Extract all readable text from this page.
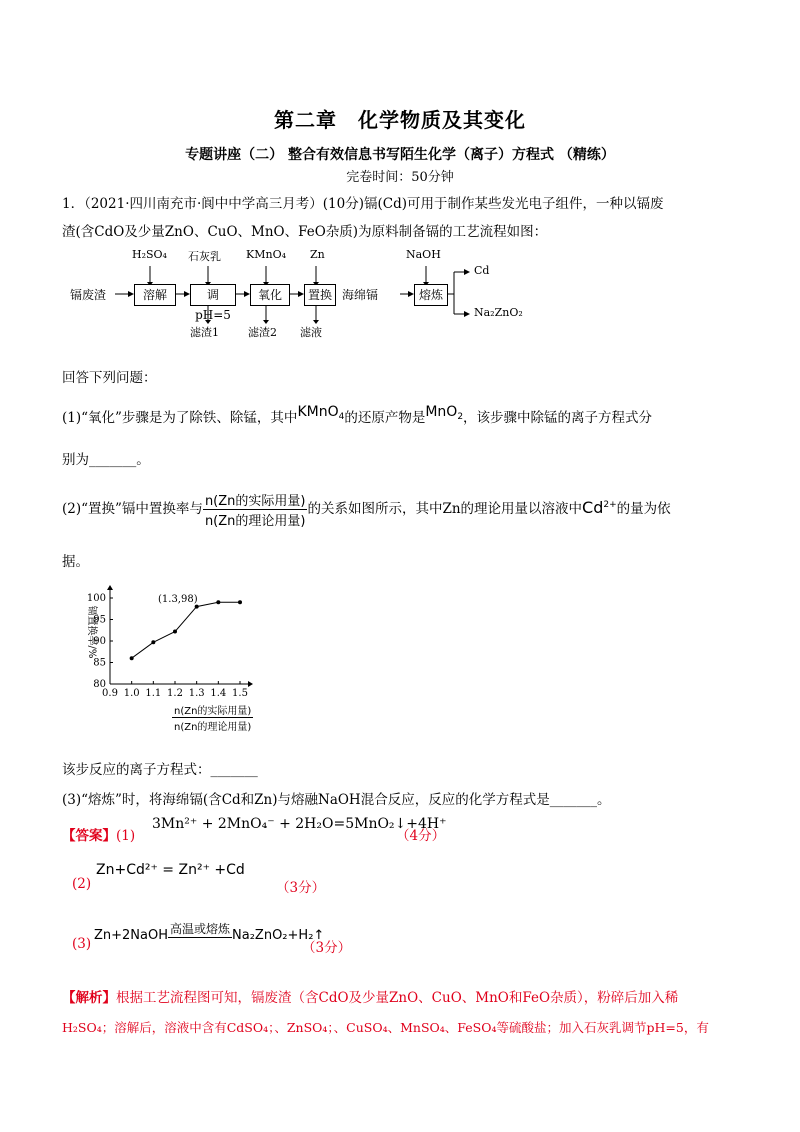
第二章　化学物质及其变化
专题讲座（二） 整合有效信息书写陌生化学（离子）方程式 （精练）
完卷时间：50分钟
1．（2021·四川南充市·阆中中学高三月考）(10分)镉(Cd)可用于制作某些发光电子组件，一种以镉废
渣(含CdO及少量ZnO、CuO、MnO、FeO杂质)为原料制备镉的工艺流程如图：
镉废渣	溶解	调pH=5
氧化	置换 海绵镉	熔炼
H₂SO₄ 石灰乳 KMnO₄ Zn	NaOH
滤渣1	滤渣2 滤液
Cd
Na₂ZnO₂
回答下列问题：
(1)“氧化”步骤是为了除铁、除锰，其中KMnO$_4$的还原产物是MnO$_2$，该步骤中除锰的离子方程式分
别为_______。
(2)“置换”镉中置换率与 $\frac{\text{n(Zn的实际用量)}}{\text{n(Zn的理论用量)}}$ 的关系如图所示，其中Zn的理论用量以溶液中$Cd^{2+}$的量为依
据。
0.9 1.0 1.1 1.2 1.3 1.4 1.5
80
85
90
95
100
镉置换率/%
(1.3,98)
n(Zn的实际用量)
n(Zn的理论用量)
该步反应的离子方程式：_______
(3)“熔炼”时，将海绵镉(含Cd和Zn)与熔融NaOH混合反应，反应的化学方程式是_______。
【答案】(1)
3Mn²⁺ + 2MnO₄⁻ + 2H₂O=5MnO₂↓+4H⁺
（4分）
(2)
Zn+Cd²⁺ = Zn²⁺ +Cd
（3分）
(3)
Zn+2NaOH 高温或熔炼 Na₂ZnO₂+H₂↑
（3分）
【解析】根据工艺流程图可知，镉废渣（含CdO及少量ZnO、CuO、MnO和FeO杂质），粉碎后加入稀
H₂SO₄；溶解后，溶液中含有CdSO₄；、ZnSO₄；、CuSO₄、MnSO₄、FeSO₄等硫酸盐；加入石灰乳调节pH=5，有
